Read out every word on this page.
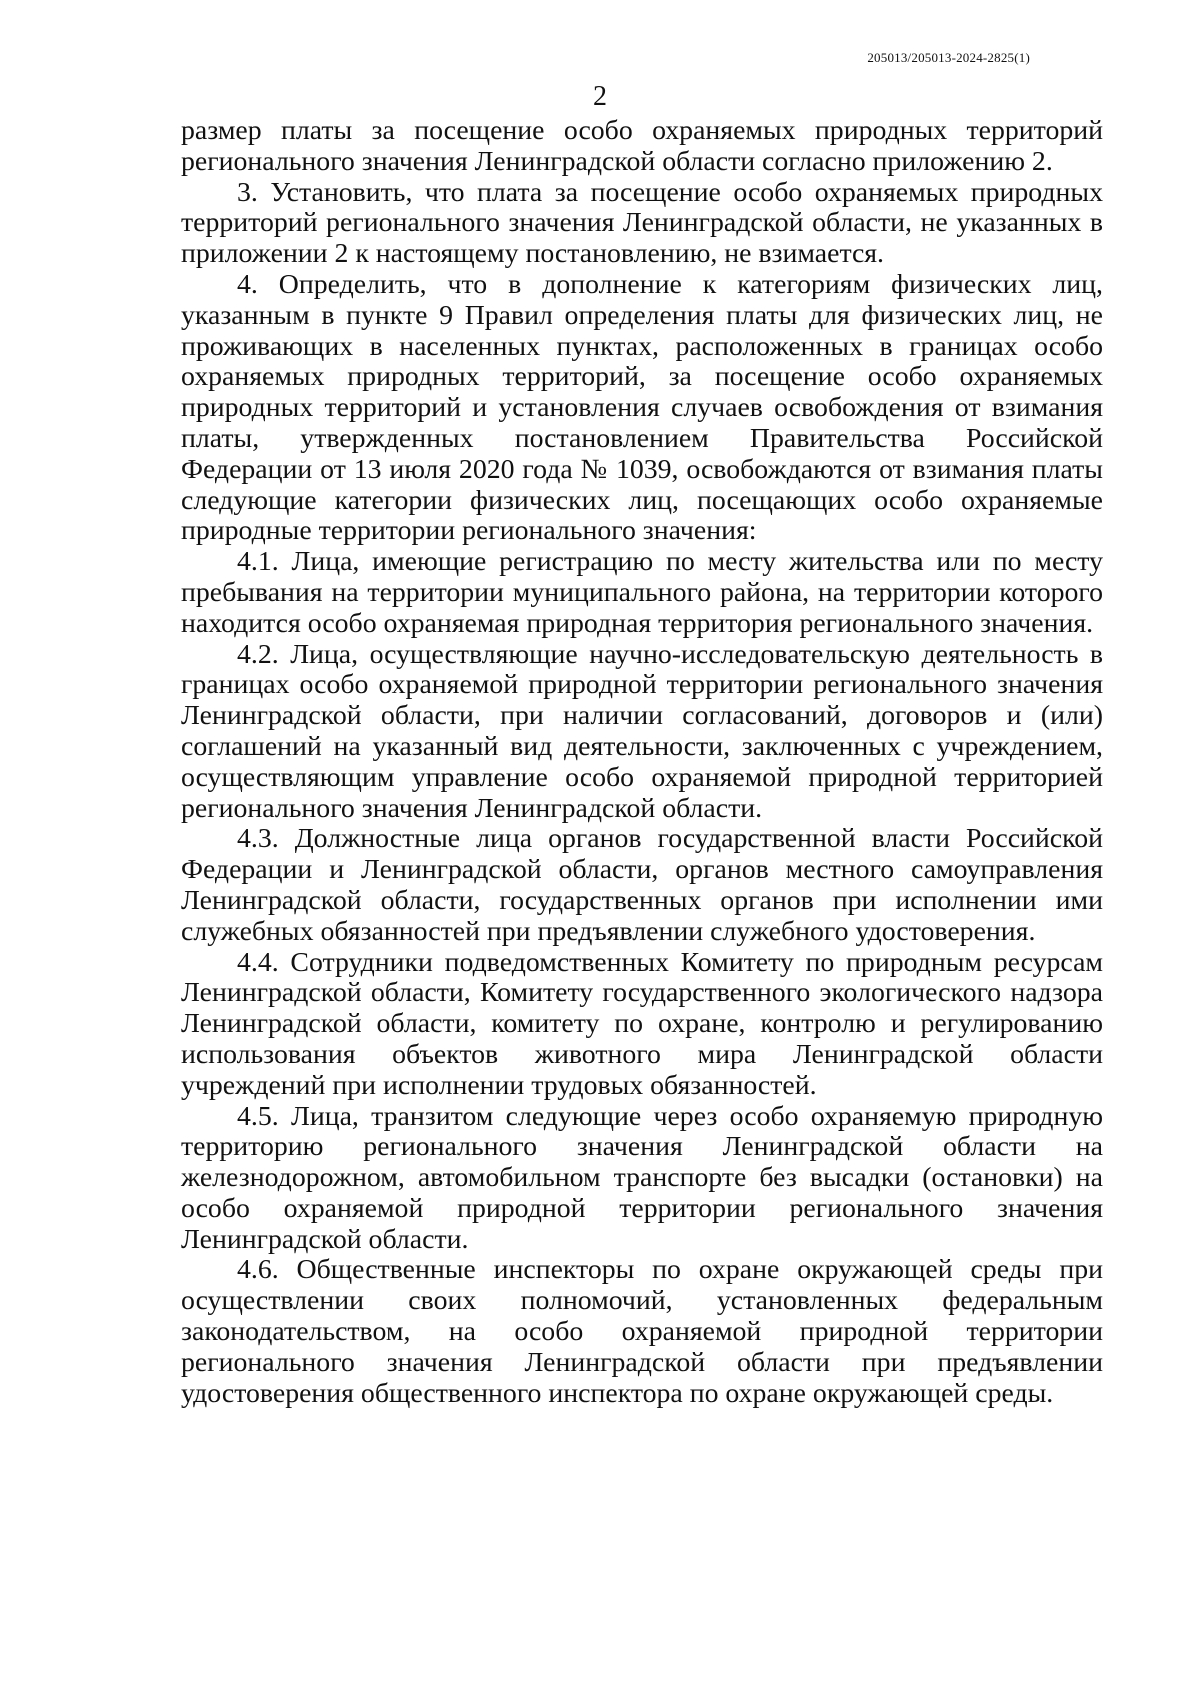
205013/205013-2024-2825(1)
2

размер платы за посещение особо охраняемых природных территорий регионального значения Ленинградской области согласно приложению 2.

3. Установить, что плата за посещение особо охраняемых природных территорий регионального значения Ленинградской области, не указанных в приложении 2 к настоящему постановлению, не взимается.

4. Определить, что в дополнение к категориям физических лиц, указанным в пункте 9 Правил определения платы для физических лиц, не проживающих в населенных пунктах, расположенных в границах особо охраняемых природных территорий, за посещение особо охраняемых природных территорий и установления случаев освобождения от взимания платы, утвержденных постановлением Правительства Российской Федерации от 13 июля 2020 года № 1039, освобождаются от взимания платы следующие категории физических лиц, посещающих особо охраняемые природные территории регионального значения:

4.1. Лица, имеющие регистрацию по месту жительства или по месту пребывания на территории муниципального района, на территории которого находится особо охраняемая природная территория регионального значения.

4.2. Лица, осуществляющие научно-исследовательскую деятельность в границах особо охраняемой природной территории регионального значения Ленинградской области, при наличии согласований, договоров и (или) соглашений на указанный вид деятельности, заключенных с учреждением, осуществляющим управление особо охраняемой природной территорией регионального значения Ленинградской области.

4.3. Должностные лица органов государственной власти Российской Федерации и Ленинградской области, органов местного самоуправления Ленинградской области, государственных органов при исполнении ими служебных обязанностей при предъявлении служебного удостоверения.

4.4. Сотрудники подведомственных Комитету по природным ресурсам Ленинградской области, Комитету государственного экологического надзора Ленинградской области, комитету по охране, контролю и регулированию использования объектов животного мира Ленинградской области учреждений при исполнении трудовых обязанностей.

4.5. Лица, транзитом следующие через особо охраняемую природную территорию регионального значения Ленинградской области на железнодорожном, автомобильном транспорте без высадки (остановки) на особо охраняемой природной территории регионального значения Ленинградской области.

4.6. Общественные инспекторы по охране окружающей среды при осуществлении своих полномочий, установленных федеральным законодательством, на особо охраняемой природной территории регионального значения Ленинградской области при предъявлении удостоверения общественного инспектора по охране окружающей среды.
